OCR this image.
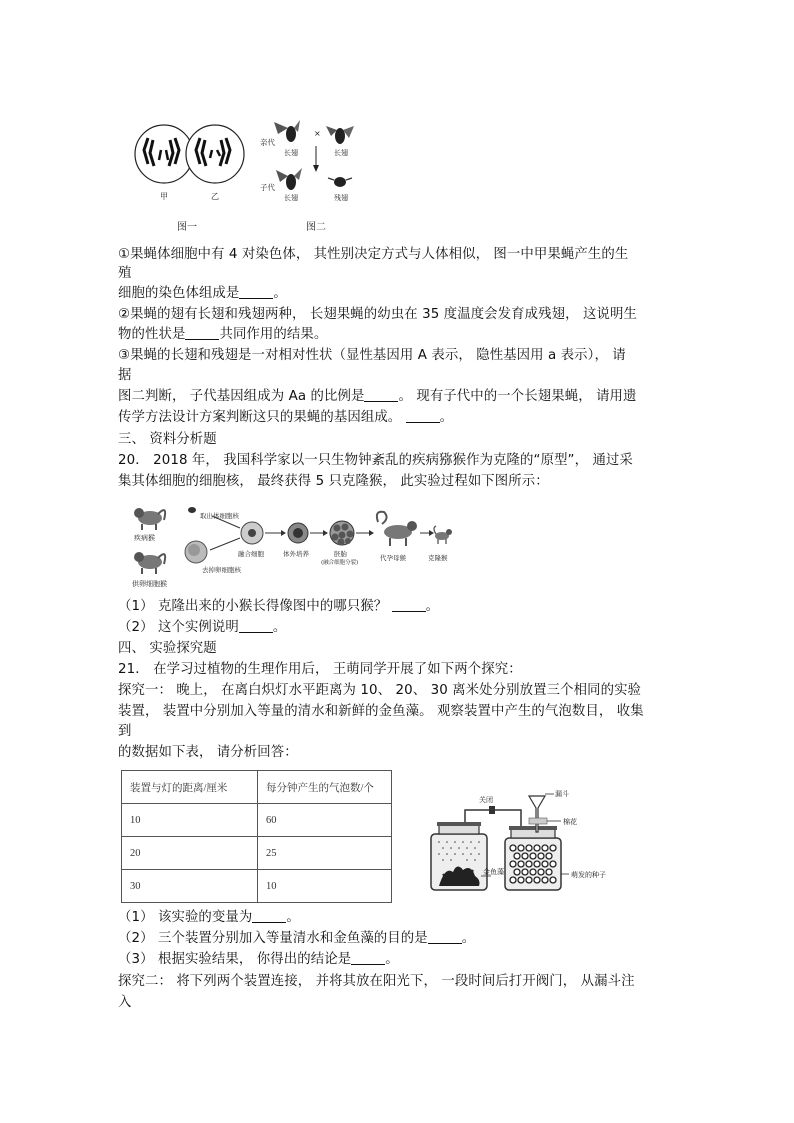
甲	乙
亲代
子代
×
长翅	长翅
长翅	残翅
图一	图二
①果蝇体细胞中有 4 对染色体， 其性别决定方式与人体相似， 图一中甲果蝇产生的生
殖
细胞的染色体组成是	。
②果蝇的翅有长翅和残翅两种， 长翅果蝇的幼虫在 35 度温度会发育成残翅， 这说明生
物的性状是	共同作用的结果。
③果蝇的长翅和残翅是一对相对性状（显性基因用 A 表示， 隐性基因用 a 表示）， 请
据
图二判断， 子代基因组成为 Aa 的比例是	。 现有子代中的一个长翅果蝇， 请用遗
传学方法设计方案判断这只的果蝇的基因组成。	。
三、 资料分析题
20． 2018 年， 我国科学家以一只生物钟紊乱的疾病猕猴作为克隆的“原型”， 通过采
集其体细胞的细胞核， 最终获得 5 只克隆猴， 此实验过程如下图所示：
疾病猴
供卵细胞猴
取出体细胞核
去掉卵细胞核
融合细胞	体外培养	胚胎
(融合细胞分裂)
代孕母猴	克隆猴
（1） 克隆出来的小猴长得像图中的哪只猴？	。
（2） 这个实例说明	。
四、 实验探究题
21． 在学习过植物的生理作用后， 王萌同学开展了如下两个探究：
探究一： 晚上， 在离白炽灯水平距离为 10、 20、 30 离米处分别放置三个相同的实验
装置， 装置中分别加入等量的清水和新鲜的金鱼藻。 观察装置中产生的气泡数目， 收集
到
的数据如下表， 请分析回答：
装置与灯的距离/厘米	每分钟产生的气泡数/个
10	60
20	25
30	10
关闭
漏斗
棉花
金鱼藻	萌发的种子
（1） 该实验的变量为	。
（2） 三个装置分别加入等量清水和金鱼藻的目的是	。
（3） 根据实验结果， 你得出的结论是	。
探究二： 将下列两个装置连接， 并将其放在阳光下， 一段时间后打开阀门， 从漏斗注
入
